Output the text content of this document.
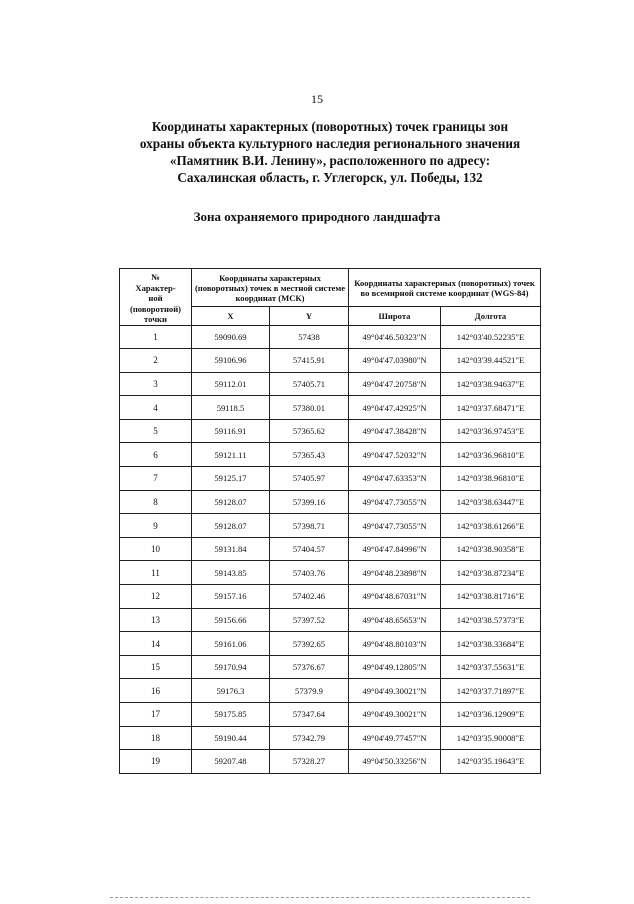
15
Координаты характерных (поворотных) точек границы зон
охраны объекта культурного наследия регионального значения
«Памятник В.И. Ленину», расположенного по адресу:
Сахалинская область, г. Углегорск, ул. Победы, 132
Зона охраняемого природного ландшафта
№
Характер-
ной
(поворотной)
точки	Координаты характерных (поворотных) точек в местной системе координат (МСК)		Координаты характерных (поворотных) точек во всемирной системе координат (WGS-84)	
	X	Y	Широта	Долгота
1	59090.69	57438	49°04'46.50323"N	142°03'40.52235"E
2	59106.96	57415.91	49°04'47.03980"N	142°03'39.44521"E
3	59112.01	57405.71	49°04'47.20758"N	142°03'38.94637"E
4	59118.5	57380.01	49°04'47.42925"N	142°03'37.68471"E
5	59116.91	57365.62	49°04'47.38428"N	142°03'36.97453"E
6	59121.11	57365.43	49°04'47.52032"N	142°03'36.96810"E
7	59125.17	57405.97	49°04'47.63353"N	142°03'38.96810"E
8	59128.07	57399.16	49°04'47.73055"N	142°03'38.63447"E
9	59128.07	57398.71	49°04'47.73055"N	142°03'38.61266"E
10	59131.84	57404.57	49°04'47.84996"N	142°03'38.90358"E
11	59143.85	57403.76	49°04'48.23898"N	142°03'38.87234"E
12	59157.16	57402.46	49°04'48.67031"N	142°03'38.81716"E
13	59156.66	57397.52	49°04'48.65653"N	142°03'38.57373"E
14	59161.06	57392.65	49°04'48.80103"N	142°03'38.33684"E
15	59170.94	57376.67	49°04'49.12805"N	142°03'37.55631"E
16	59176.3	57379.9	49°04'49.30021"N	142°03'37.71897"E
17	59175.85	57347.64	49°04'49.30021"N	142°03'36.12909"E
18	59190.44	57342.79	49°04'49.77457"N	142°03'35.90008"E
19	59207.48	57328.27	49°04'50.33256"N	142°03'35.19643"E
